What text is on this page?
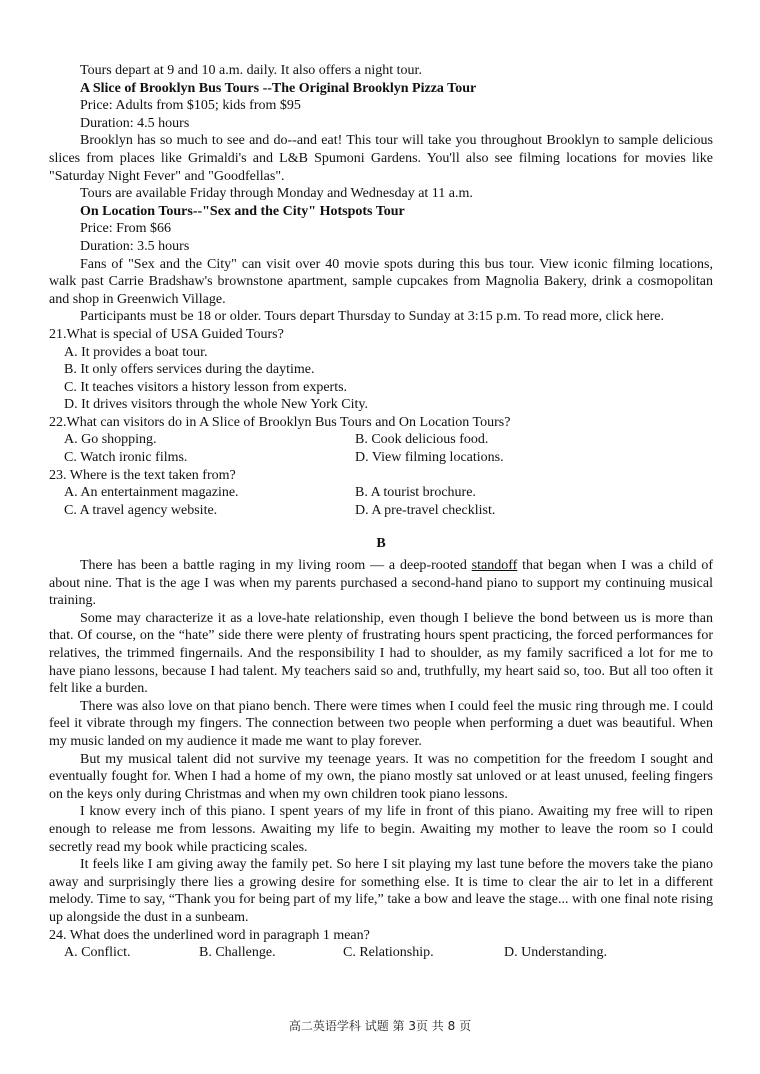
Tours depart at 9 and 10 a.m. daily. It also offers a night tour.

A Slice of Brooklyn Bus Tours --The Original Brooklyn Pizza Tour

Price: Adults from $105; kids from $95

Duration: 4.5 hours

Brooklyn has so much to see and do--and eat! This tour will take you throughout Brooklyn to sample delicious slices from places like Grimaldi's and L&B Spumoni Gardens. You'll also see filming locations for movies like "Saturday Night Fever" and "Goodfellas".

Tours are available Friday through Monday and Wednesday at 11 a.m.

On Location Tours--"Sex and the City" Hotspots Tour

Price: From $66

Duration: 3.5 hours

Fans of "Sex and the City" can visit over 40 movie spots during this bus tour. View iconic filming locations, walk past Carrie Bradshaw's brownstone apartment, sample cupcakes from Magnolia Bakery, drink a cosmopolitan and shop in Greenwich Village.

Participants must be 18 or older. Tours depart Thursday to Sunday at 3:15 p.m. To read more, click here.

21.What is special of USA Guided Tours?

A. It provides a boat tour.

B. It only offers services during the daytime.

C. It teaches visitors a history lesson from experts.

D. It drives visitors through the whole New York City.

22.What can visitors do in A Slice of Brooklyn Bus Tours and On Location Tours?

A. Go shopping.	B. Cook delicious food.
C. Watch ironic films.	D. View filming locations.

23. Where is the text taken from?

A. An entertainment magazine.	B. A tourist brochure.
C. A travel agency website.	D. A pre-travel checklist.

B

There has been a battle raging in my living room — a deep-rooted standoff that began when I was a child of about nine. That is the age I was when my parents purchased a second-hand piano to support my continuing musical training.

Some may characterize it as a love-hate relationship, even though I believe the bond between us is more than that. Of course, on the “hate” side there were plenty of frustrating hours spent practicing, the forced performances for relatives, the trimmed fingernails. And the responsibility I had to shoulder, as my family sacrificed a lot for me to have piano lessons, because I had talent. My teachers said so and, truthfully, my heart said so, too. But all too often it felt like a burden.

There was also love on that piano bench. There were times when I could feel the music ring through me. I could feel it vibrate through my fingers. The connection between two people when performing a duet was beautiful. When my music landed on my audience it made me want to play forever.

But my musical talent did not survive my teenage years. It was no competition for the freedom I sought and eventually fought for. When I had a home of my own, the piano mostly sat unloved or at least unused, feeling fingers on the keys only during Christmas and when my own children took piano lessons.

I know every inch of this piano. I spent years of my life in front of this piano. Awaiting my free will to ripen enough to release me from lessons. Awaiting my life to begin. Awaiting my mother to leave the room so I could secretly read my book while practicing scales.

It feels like I am giving away the family pet. So here I sit playing my last tune before the movers take the piano away and surprisingly there lies a growing desire for something else. It is time to clear the air to let in a different melody. Time to say, “Thank you for being part of my life,” take a bow and leave the stage... with one final note rising up alongside the dust in a sunbeam.

24. What does the underlined word in paragraph 1 mean?

A. Conflict.	B. Challenge.	C. Relationship.	D. Understanding.
高二英语学科 试题 第 3页 共 8 页
